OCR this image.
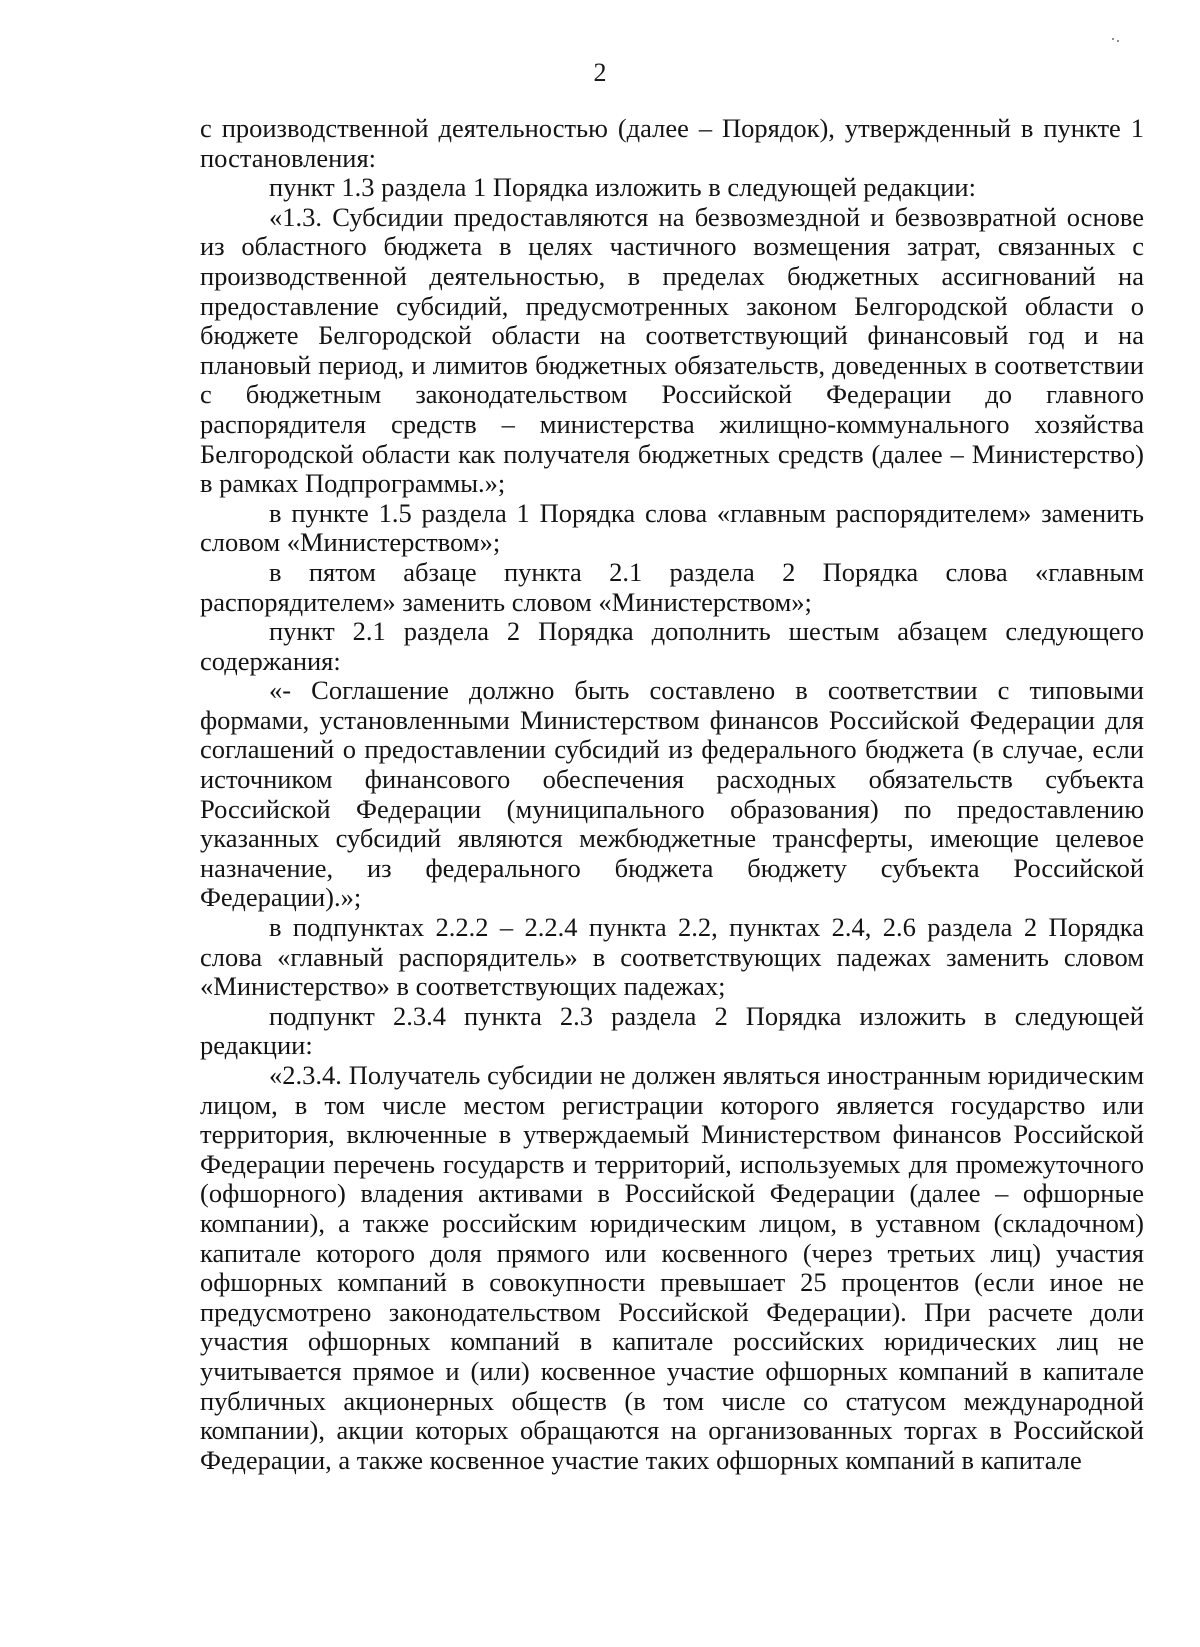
2

с производственной деятельностью (далее – Порядок), утвержденный в пункте 1 постановления:

пункт 1.3 раздела 1 Порядка изложить в следующей редакции:

«1.3. Субсидии предоставляются на безвозмездной и безвозвратной основе из областного бюджета в целях частичного возмещения затрат, связанных с производственной деятельностью, в пределах бюджетных ассигнований на предоставление субсидий, предусмотренных законом Белгородской области о бюджете Белгородской области на соответствующий финансовый год и на плановый период, и лимитов бюджетных обязательств, доведенных в соответствии с бюджетным законодательством Российской Федерации до главного распорядителя средств – министерства жилищно-коммунального хозяйства Белгородской области как получателя бюджетных средств (далее – Министерство) в рамках Подпрограммы.»;

в пункте 1.5 раздела 1 Порядка слова «главным распорядителем» заменить словом «Министерством»;

в пятом абзаце пункта 2.1 раздела 2 Порядка слова «главным распорядителем» заменить словом «Министерством»;

пункт 2.1 раздела 2 Порядка дополнить шестым абзацем следующего содержания:

«- Соглашение должно быть составлено в соответствии с типовыми формами, установленными Министерством финансов Российской Федерации для соглашений о предоставлении субсидий из федерального бюджета (в случае, если источником финансового обеспечения расходных обязательств субъекта Российской Федерации (муниципального образования) по предоставлению указанных субсидий являются межбюджетные трансферты, имеющие целевое назначение, из федерального бюджета бюджету субъекта Российской Федерации).»;

в подпунктах 2.2.2 – 2.2.4 пункта 2.2, пунктах 2.4, 2.6 раздела 2 Порядка слова «главный распорядитель» в соответствующих падежах заменить словом «Министерство» в соответствующих падежах;

подпункт 2.3.4 пункта 2.3 раздела 2 Порядка изложить в следующей редакции:

«2.3.4. Получатель субсидии не должен являться иностранным юридическим лицом, в том числе местом регистрации которого является государство или территория, включенные в утверждаемый Министерством финансов Российской Федерации перечень государств и территорий, используемых для промежуточного (офшорного) владения активами в Российской Федерации (далее – офшорные компании), а также российским юридическим лицом, в уставном (складочном) капитале которого доля прямого или косвенного (через третьих лиц) участия офшорных компаний в совокупности превышает 25 процентов (если иное не предусмотрено законодательством Российской Федерации). При расчете доли участия офшорных компаний в капитале российских юридических лиц не учитывается прямое и (или) косвенное участие офшорных компаний в капитале публичных акционерных обществ (в том числе со статусом международной компании), акции которых обращаются на организованных торгах в Российской Федерации, а также косвенное участие таких офшорных компаний в капитале
